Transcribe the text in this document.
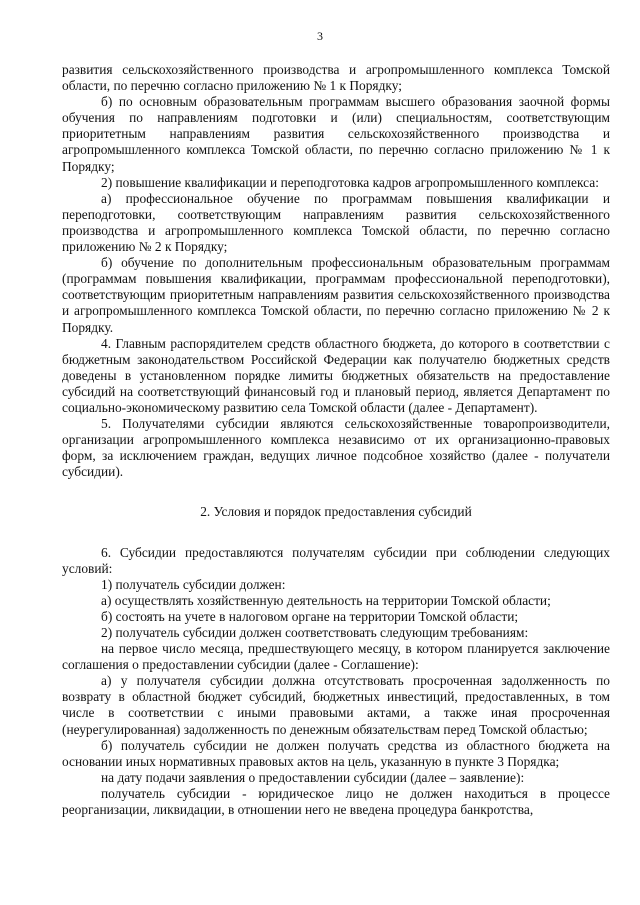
3

развития сельскохозяйственного производства и агропромышленного комплекса Томской области, по перечню согласно приложению № 1 к Порядку;

б) по основным образовательным программам высшего образования заочной формы обучения по направлениям подготовки и (или) специальностям, соответствующим приоритетным направлениям развития сельскохозяйственного производства и агропромышленного комплекса Томской области, по перечню согласно приложению № 1 к Порядку;

2) повышение квалификации и переподготовка кадров агропромышленного комплекса:

а) профессиональное обучение по программам повышения квалификации и переподготовки, соответствующим направлениям развития сельскохозяйственного производства и агропромышленного комплекса Томской области, по перечню согласно приложению № 2 к Порядку;

б) обучение по дополнительным профессиональным образовательным программам (программам повышения квалификации, программам профессиональной переподготовки), соответствующим приоритетным направлениям развития сельскохозяйственного производства и агропромышленного комплекса Томской области, по перечню согласно приложению № 2 к Порядку.

4. Главным распорядителем средств областного бюджета, до которого в соответствии с бюджетным законодательством Российской Федерации как получателю бюджетных средств доведены в установленном порядке лимиты бюджетных обязательств на предоставление субсидий на соответствующий финансовый год и плановый период, является Департамент по социально-экономическому развитию села Томской области (далее - Департамент).

5. Получателями субсидии являются сельскохозяйственные товаропроизводители, организации агропромышленного комплекса независимо от их организационно-правовых форм, за исключением граждан, ведущих личное подсобное хозяйство (далее - получатели субсидии).

2. Условия и порядок предоставления субсидий

6. Субсидии предоставляются получателям субсидии при соблюдении следующих условий:

1) получатель субсидии должен:

а) осуществлять хозяйственную деятельность на территории Томской области;

б) состоять на учете в налоговом органе на территории Томской области;

2) получатель субсидии должен соответствовать следующим требованиям:

на первое число месяца, предшествующего месяцу, в котором планируется заключение соглашения о предоставлении субсидии (далее - Соглашение):

а) у получателя субсидии должна отсутствовать просроченная задолженность по возврату в областной бюджет субсидий, бюджетных инвестиций, предоставленных, в том числе в соответствии с иными правовыми актами, а также иная просроченная (неурегулированная) задолженность по денежным обязательствам перед Томской областью;

б) получатель субсидии не должен получать средства из областного бюджета на основании иных нормативных правовых актов на цель, указанную в пункте 3 Порядка;

на дату подачи заявления о предоставлении субсидии (далее – заявление):

получатель субсидии - юридическое лицо не должен находиться в процессе реорганизации, ликвидации, в отношении него не введена процедура банкротства,
